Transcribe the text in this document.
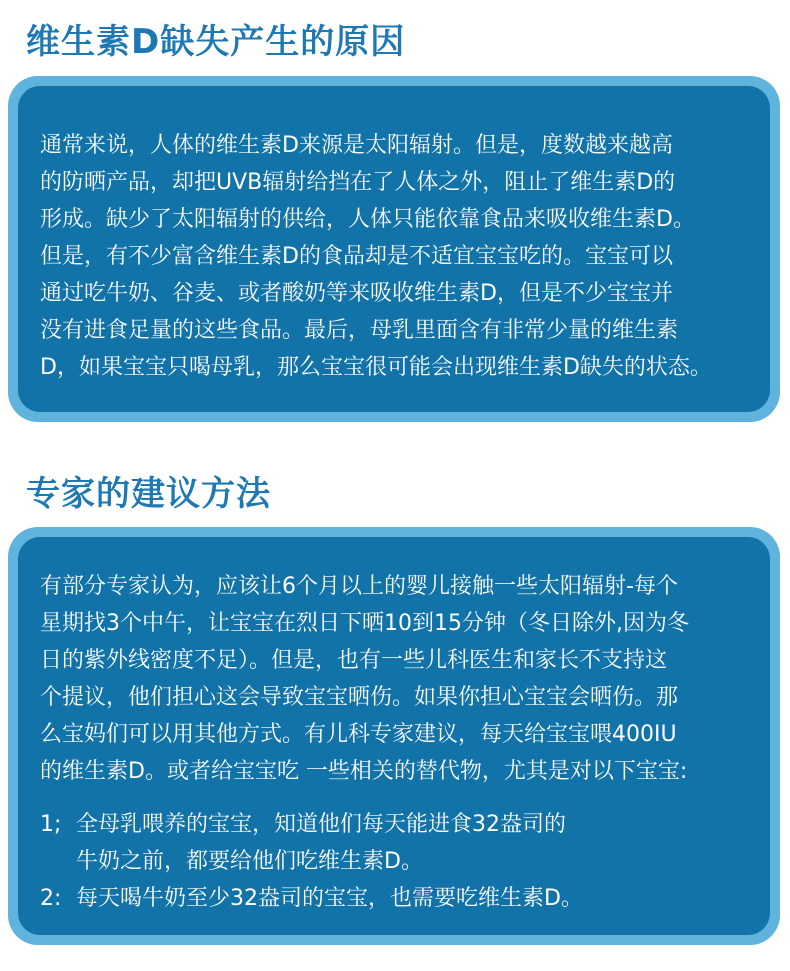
维生素D缺失产生的原因

通常来说，人体的维生素D来源是太阳辐射。但是，度数越来越高
的防晒产品，却把UVB辐射给挡在了人体之外，阻止了维生素D的
形成。缺少了太阳辐射的供给，人体只能依靠食品来吸收维生素D。
但是，有不少富含维生素D的食品却是不适宜宝宝吃的。宝宝可以
通过吃牛奶、谷麦、或者酸奶等来吸收维生素D，但是不少宝宝并
没有进食足量的这些食品。最后，母乳里面含有非常少量的维生素
D，如果宝宝只喝母乳，那么宝宝很可能会出现维生素D缺失的状态。

专家的建议方法

有部分专家认为，应该让6个月以上的婴儿接触一些太阳辐射-每个
星期找3个中午，让宝宝在烈日下晒10到15分钟（冬日除外,因为冬
日的紫外线密度不足）。但是，也有一些儿科医生和家长不支持这
个提议，他们担心这会导致宝宝晒伤。如果你担心宝宝会晒伤。那
么宝妈们可以用其他方式。有儿科专家建议，每天给宝宝喂400IU
的维生素D。或者给宝宝吃 一些相关的替代物，尤其是对以下宝宝:

1; 全母乳喂养的宝宝，知道他们每天能进食32盎司的
牛奶之前，都要给他们吃维生素D。
2: 每天喝牛奶至少32盎司的宝宝，也需要吃维生素D。
